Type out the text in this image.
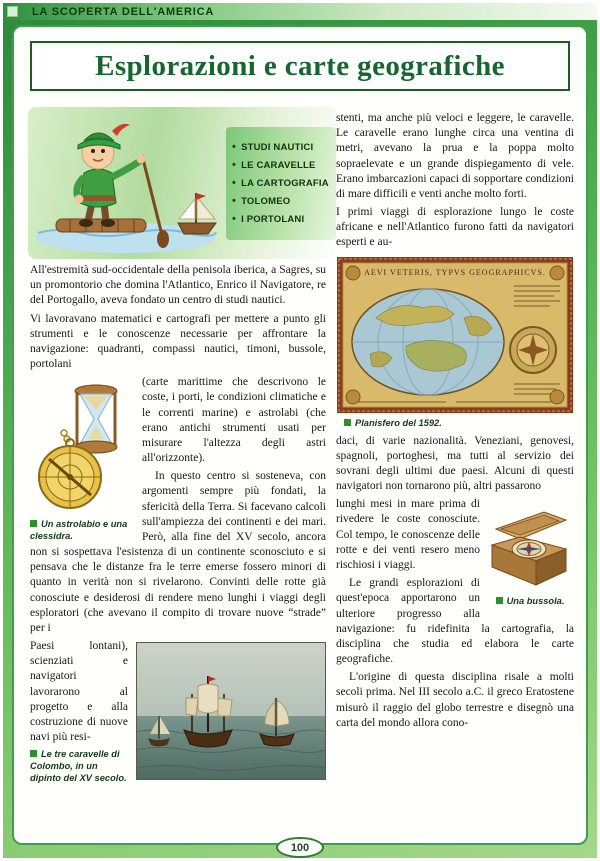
LA SCOPERTA DELL'AMERICA
Esplorazioni e carte geografiche
• STUDI NAUTICI
• LE CARAVELLE
• LA CARTOGRAFIA
• TOLOMEO
• I PORTOLANI

All'estremità sud-occidentale della penisola iberica, a Sagres, su un promontorio che domina l'Atlantico, Enrico il Navigatore, re del Portogallo, aveva fondato un centro di studi nautici.

Vi lavoravano matematici e cartografi per mettere a punto gli strumenti e le conoscenze necessarie per affrontare la navigazione: quadranti, compassi nautici, timoni, bussole, portolani

Un astrolabio e una clessidra.

(carte marittime che descrivono le coste, i porti, le condizioni climatiche e le correnti marine) e astrolabi (che erano antichi strumenti usati per misurare l'altezza degli astri all'orizzonte).

In questo centro si sosteneva, con argomenti sempre più fondati, la sfericità della Terra. Si facevano calcoli sull'ampiezza dei continenti e dei mari. Però, alla fine del XV secolo, ancora non si sospettava l'esistenza di un continente sconosciuto e si pensava che le distanze fra le terre emerse fossero minori di quanto in verità non si rivelarono. Convinti delle rotte già conosciute e desiderosi di rendere meno lunghi i viaggi degli esploratori (che avevano il compito di trovare nuove “strade” per i

Paesi lontani), scienziati e navigatori lavorarono al progetto e alla costruzione di nuove navi più resi-

Le tre caravelle di Colombo, in un dipinto del XV secolo.

stenti, ma anche più veloci e leggere, le caravelle. Le caravelle erano lunghe circa una ventina di metri, avevano la prua e la poppa molto sopraelevate e un grande dispiegamento di vele. Erano imbarcazioni capaci di sopportare condizioni di mare difficili e venti anche molto forti.

I primi viaggi di esplorazione lungo le coste africane e nell'Atlantico furono fatti da navigatori esperti e au-

AEVI VETERIS, TYPVS GEOGRAPHICVS.
Planisfero del 1592.

daci, di varie nazionalità. Veneziani, genovesi, spagnoli, portoghesi, ma tutti al servizio dei sovrani degli ultimi due paesi. Alcuni di questi navigatori non tornarono più, altri passarono

Una bussola.

lunghi mesi in mare prima di rivedere le coste conosciute. Col tempo, le conoscenze delle rotte e dei venti resero meno rischiosi i viaggi.

Le grandi esplorazioni di quest'epoca apportarono un ulteriore progresso alla navigazione: fu ridefinita la cartografia, la disciplina che studia ed elabora le carte geografiche.

L'origine di questa disciplina risale a molti secoli prima. Nel III secolo a.C. il greco Eratostene misurò il raggio del globo terrestre e disegnò una carta del mondo allora cono-

100
